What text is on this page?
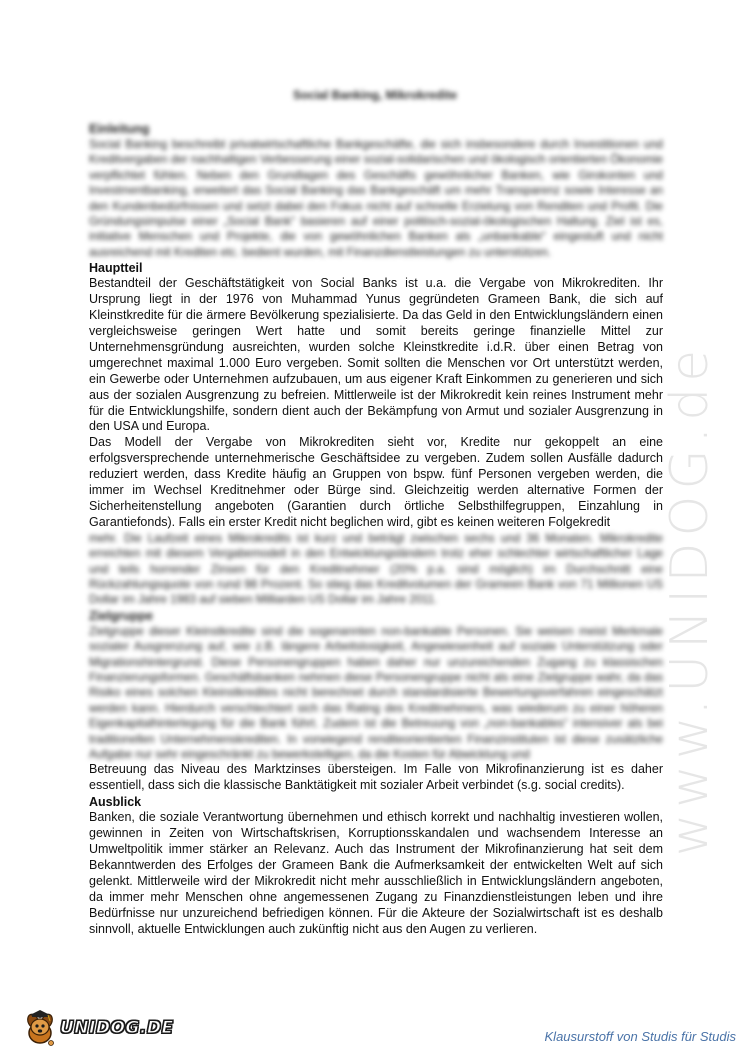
Social Banking, Mikrokredite
Einleitung

Social Banking beschreibt privatwirtschaftliche Bankgeschäfte, die sich insbesondere durch Investitionen und Kreditvergaben der nachhaltigen Verbesserung einer sozial-solidarischen und ökologisch orientierten Ökonomie verpflichtet fühlen. Neben den Grundlagen des Geschäfts gewöhnlicher Banken, wie Girokonten und Investmentbanking, erweitert das Social Banking das Bankgeschäft um mehr Transparenz sowie Interesse an den Kundenbedürfnissen und setzt dabei den Fokus nicht auf schnelle Erzielung von Renditen und Profit. Die Gründungsimpulse einer „Social Bank“ basieren auf einer politisch-sozial-ökologischen Haltung. Ziel ist es, initiative Menschen und Projekte, die von gewöhnlichen Banken als „unbankable“ eingestuft und nicht ausreichend mit Krediten etc. bedient wurden, mit Finanzdienstleistungen zu unterstützen.

Hauptteil

Bestandteil der Geschäftstätigkeit von Social Banks ist u.a. die Vergabe von Mikrokrediten. Ihr Ursprung liegt in der 1976 von Muhammad Yunus gegründeten Grameen Bank, die sich auf Kleinstkredite für die ärmere Bevölkerung spezialisierte. Da das Geld in den Entwicklungsländern einen vergleichsweise geringen Wert hatte und somit bereits geringe finanzielle Mittel zur Unternehmensgründung ausreichten, wurden solche Kleinstkredite i.d.R. über einen Betrag von umgerechnet maximal 1.000 Euro vergeben. Somit sollten die Menschen vor Ort unterstützt werden, ein Gewerbe oder Unternehmen aufzubauen, um aus eigener Kraft Einkommen zu generieren und sich aus der sozialen Ausgrenzung zu befreien. Mittlerweile ist der Mikrokredit kein reines Instrument mehr für die Entwicklungshilfe, sondern dient auch der Bekämpfung von Armut und sozialer Ausgrenzung in den USA und Europa.

Das Modell der Vergabe von Mikrokrediten sieht vor, Kredite nur gekoppelt an eine erfolgsversprechende unternehmerische Geschäftsidee zu vergeben. Zudem sollen Ausfälle dadurch reduziert werden, dass Kredite häufig an Gruppen von bspw. fünf Personen vergeben werden, die immer im Wechsel Kreditnehmer oder Bürge sind. Gleichzeitig werden alternative Formen der Sicherheitenstellung angeboten (Garantien durch örtliche Selbsthilfegruppen, Einzahlung in Garantiefonds). Falls ein erster Kredit nicht beglichen wird, gibt es keinen weiteren Folgekredit

mehr. Die Laufzeit eines Mikrokredits ist kurz und beträgt zwischen sechs und 36 Monaten. Mikrokredite erreichten mit diesem Vergabemodell in den Entwicklungsländern trotz eher schlechter wirtschaftlicher Lage und teils horrender Zinsen für den Kreditnehmer (20% p.a. sind möglich) im Durchschnitt eine Rückzahlungsquote von rund 98 Prozent. So stieg das Kreditvolumen der Grameen Bank von 71 Millionen US Dollar im Jahre 1983 auf sieben Milliarden US Dollar im Jahre 2011.

Zielgruppe

Zielgruppe dieser Kleinstkredite sind die sogenannten non-bankable Personen. Sie weisen meist Merkmale sozialer Ausgrenzung auf, wie z.B. längere Arbeitslosigkeit, Angewiesenheit auf soziale Unterstützung oder Migrationshintergrund. Diese Personengruppen haben daher nur unzureichenden Zugang zu klassischen Finanzierungsformen. Geschäftsbanken nehmen diese Personengruppe nicht als eine Zielgruppe wahr, da das Risiko eines solchen Kleinstkredites nicht berechnet durch standardisierte Bewertungsverfahren eingeschätzt werden kann. Hierdurch verschlechtert sich das Rating des Kreditnehmers, was wiederum zu einer höheren Eigenkapitalhinterlegung für die Bank führt. Zudem ist die Betreuung von „non-bankables“ intensiver als bei traditionellen Unternehmenskrediten. In vorwiegend renditeorientierten Finanzinstituten ist diese zusätzliche Aufgabe nur sehr eingeschränkt zu bewerkstelligen, da die Kosten für Abwicklung und

Betreuung das Niveau des Marktzinses übersteigen. Im Falle von Mikrofinanzierung ist es daher essentiell, dass sich die klassische Banktätigkeit mit sozialer Arbeit verbindet (s.g. social credits).

Ausblick

Banken, die soziale Verantwortung übernehmen und ethisch korrekt und nachhaltig investieren wollen, gewinnen in Zeiten von Wirtschaftskrisen, Korruptionsskandalen und wachsendem Interesse an Umweltpolitik immer stärker an Relevanz. Auch das Instrument der Mikrofinanzierung hat seit dem Bekanntwerden des Erfolges der Grameen Bank die Aufmerksamkeit der entwickelten Welt auf sich gelenkt. Mittlerweile wird der Mikrokredit nicht mehr ausschließlich in Entwicklungsländern angeboten, da immer mehr Menschen ohne angemessenen Zugang zu Finanzdienstleistungen leben und ihre Bedürfnisse nur unzureichend befriedigen können. Für die Akteure der Sozialwirtschaft ist es deshalb sinnvoll, aktuelle Entwicklungen auch zukünftig nicht aus den Augen zu verlieren.

www.UNIDOG.de
UNIDOG.DE	Klausurstoff von Studis für Studis
